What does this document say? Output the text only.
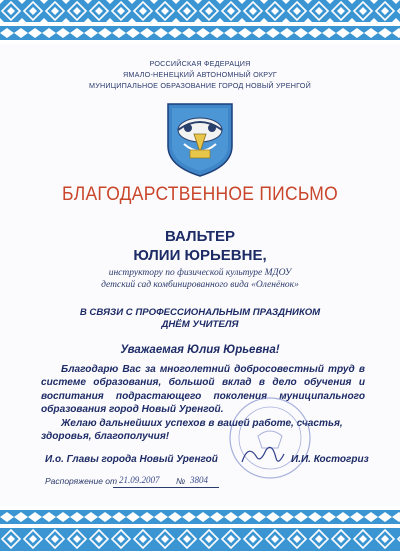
РОССИЙСКАЯ ФЕДЕРАЦИЯ
ЯМАЛО-НЕНЕЦКИЙ АВТОНОМНЫЙ ОКРУГ
МУНИЦИПАЛЬНОЕ ОБРАЗОВАНИЕ ГОРОД НОВЫЙ УРЕНГОЙ
БЛАГОДАРСТВЕННОЕ ПИСЬМО
ВАЛЬТЕР
ЮЛИИ ЮРЬЕВНЕ,
инструктору по физической культуре МДОУ
детский сад комбинированного вида «Оленёнок»
В СВЯЗИ С ПРОФЕССИОНАЛЬНЫМ ПРАЗДНИКОМ
ДНЁМ УЧИТЕЛЯ
Уважаемая Юлия Юрьевна!
Благодарю Вас за многолетний добросовестный труд в системе образования, большой вклад в дело обучения и воспитания подрастающего поколения муниципального образования город Новый Уренгой.
Желаю дальнейших успехов в вашей работе, счастья, здоровья, благополучия!
И.о. Главы города Новый Уренгой	И.И. Костогриз
Распоряжение от 21.09.2007 № 3804
